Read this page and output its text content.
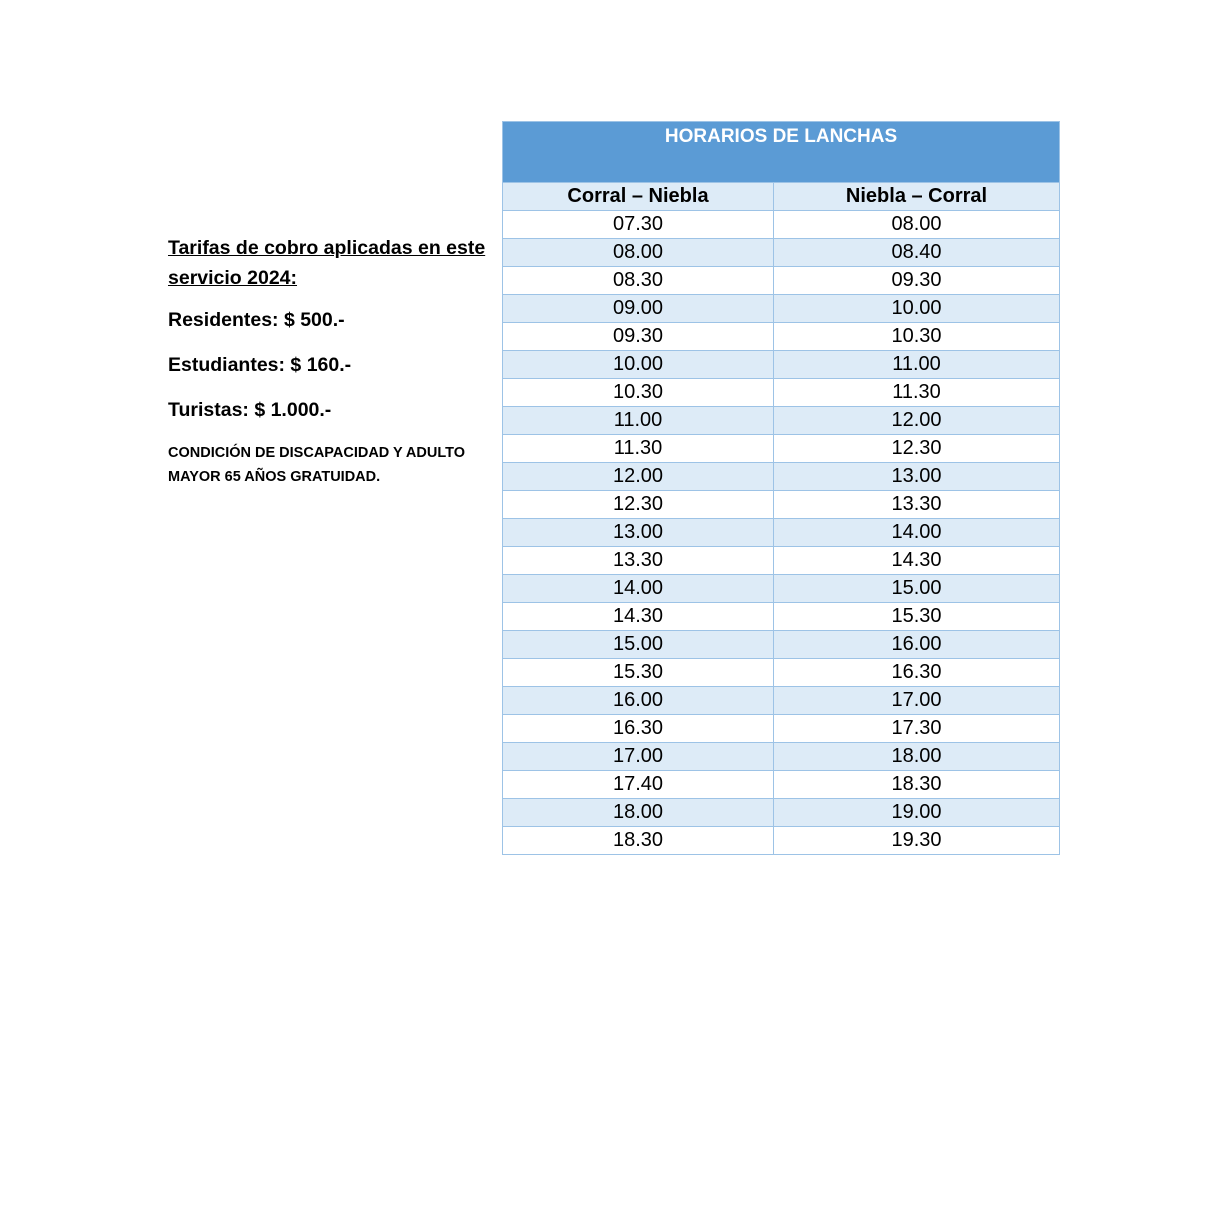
Tarifas de cobro aplicadas en este

servicio 2024:

Residentes: $ 500.-

Estudiantes: $ 160.-

Turistas: $ 1.000.-

CONDICIÓN DE DISCAPACIDAD Y ADULTO

MAYOR 65 AÑOS GRATUIDAD.

HORARIOS DE LANCHAS	
Corral – Niebla	Niebla – Corral
07.30	08.00
08.00	08.40
08.30	09.30
09.00	10.00
09.30	10.30
10.00	11.00
10.30	11.30
11.00	12.00
11.30	12.30
12.00	13.00
12.30	13.30
13.00	14.00
13.30	14.30
14.00	15.00
14.30	15.30
15.00	16.00
15.30	16.30
16.00	17.00
16.30	17.30
17.00	18.00
17.40	18.30
18.00	19.00
18.30	19.30
